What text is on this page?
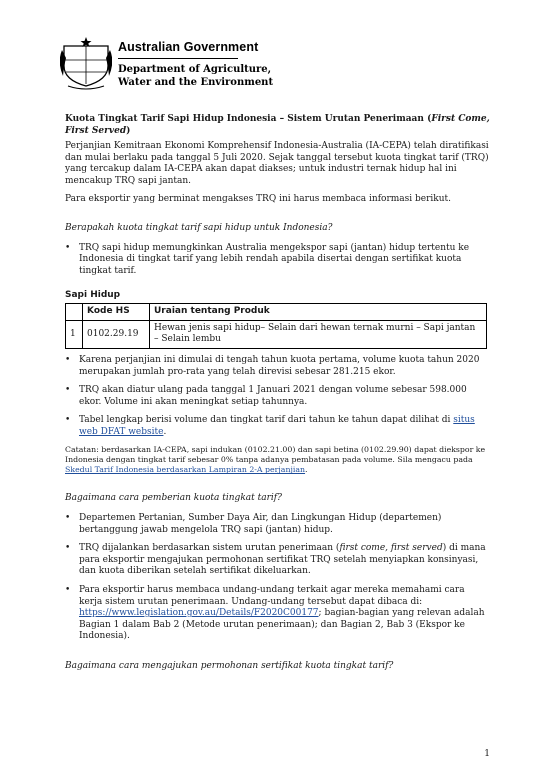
Australian Government
Department of Agriculture,
Water and the Environment
Kuota Tingkat Tarif Sapi Hidup Indonesia – Sistem Urutan Penerimaan (First Come, First Served)

Perjanjian Kemitraan Ekonomi Komprehensif Indonesia-Australia (IA-CEPA) telah diratifikasi dan mulai berlaku pada tanggal 5 Juli 2020. Sejak tanggal tersebut kuota tingkat tarif (TRQ) yang tercakup dalam IA-CEPA akan dapat diakses; untuk industri ternak hidup hal ini mencakup TRQ sapi jantan.

Para eksportir yang berminat mengakses TRQ ini harus membaca informasi berikut.

Berapakah kuota tingkat tarif sapi hidup untuk Indonesia?
• TRQ sapi hidup memungkinkan Australia mengekspor sapi (jantan) hidup tertentu ke Indonesia di tingkat tarif yang lebih rendah apabila disertai dengan sertifikat kuota tingkat tarif.
Sapi Hidup
	Kode HS	Uraian tentang Produk
1	0102.29.19	Hewan jenis sapi hidup– Selain dari hewan ternak murni – Sapi jantan – Selain lembu
• Karena perjanjian ini dimulai di tengah tahun kuota pertama, volume kuota tahun 2020 merupakan jumlah pro-rata yang telah direvisi sebesar 281.215 ekor.
• TRQ akan diatur ulang pada tanggal 1 Januari 2021 dengan volume sebesar 598.000 ekor. Volume ini akan meningkat setiap tahunnya.
• Tabel lengkap berisi volume dan tingkat tarif dari tahun ke tahun dapat dilihat di situs web DFAT website.
Catatan: berdasarkan IA-CEPA, sapi indukan (0102.21.00) dan sapi betina (0102.29.90) dapat diekspor ke Indonesia dengan tingkat tarif sebesar 0% tanpa adanya pembatasan pada volume. Sila mengacu pada Skedul Tarif Indonesia berdasarkan Lampiran 2-A perjanjian.
Bagaimana cara pemberian kuota tingkat tarif?
• Departemen Pertanian, Sumber Daya Air, dan Lingkungan Hidup (departemen) bertanggung jawab mengelola TRQ sapi (jantan) hidup.
• TRQ dijalankan berdasarkan sistem urutan penerimaan (first come, first served) di mana para eksportir mengajukan permohonan sertifikat TRQ setelah menyiapkan konsinyasi, dan kuota diberikan setelah sertifikat dikeluarkan.
• Para eksportir harus membaca undang-undang terkait agar mereka memahami cara kerja sistem urutan penerimaan. Undang-undang tersebut dapat dibaca di: https://www.legislation.gov.au/Details/F2020C00177; bagian-bagian yang relevan adalah Bagian 1 dalam Bab 2 (Metode urutan penerimaan); dan Bagian 2, Bab 3 (Ekspor ke Indonesia).
Bagaimana cara mengajukan permohonan sertifikat kuota tingkat tarif?
1
